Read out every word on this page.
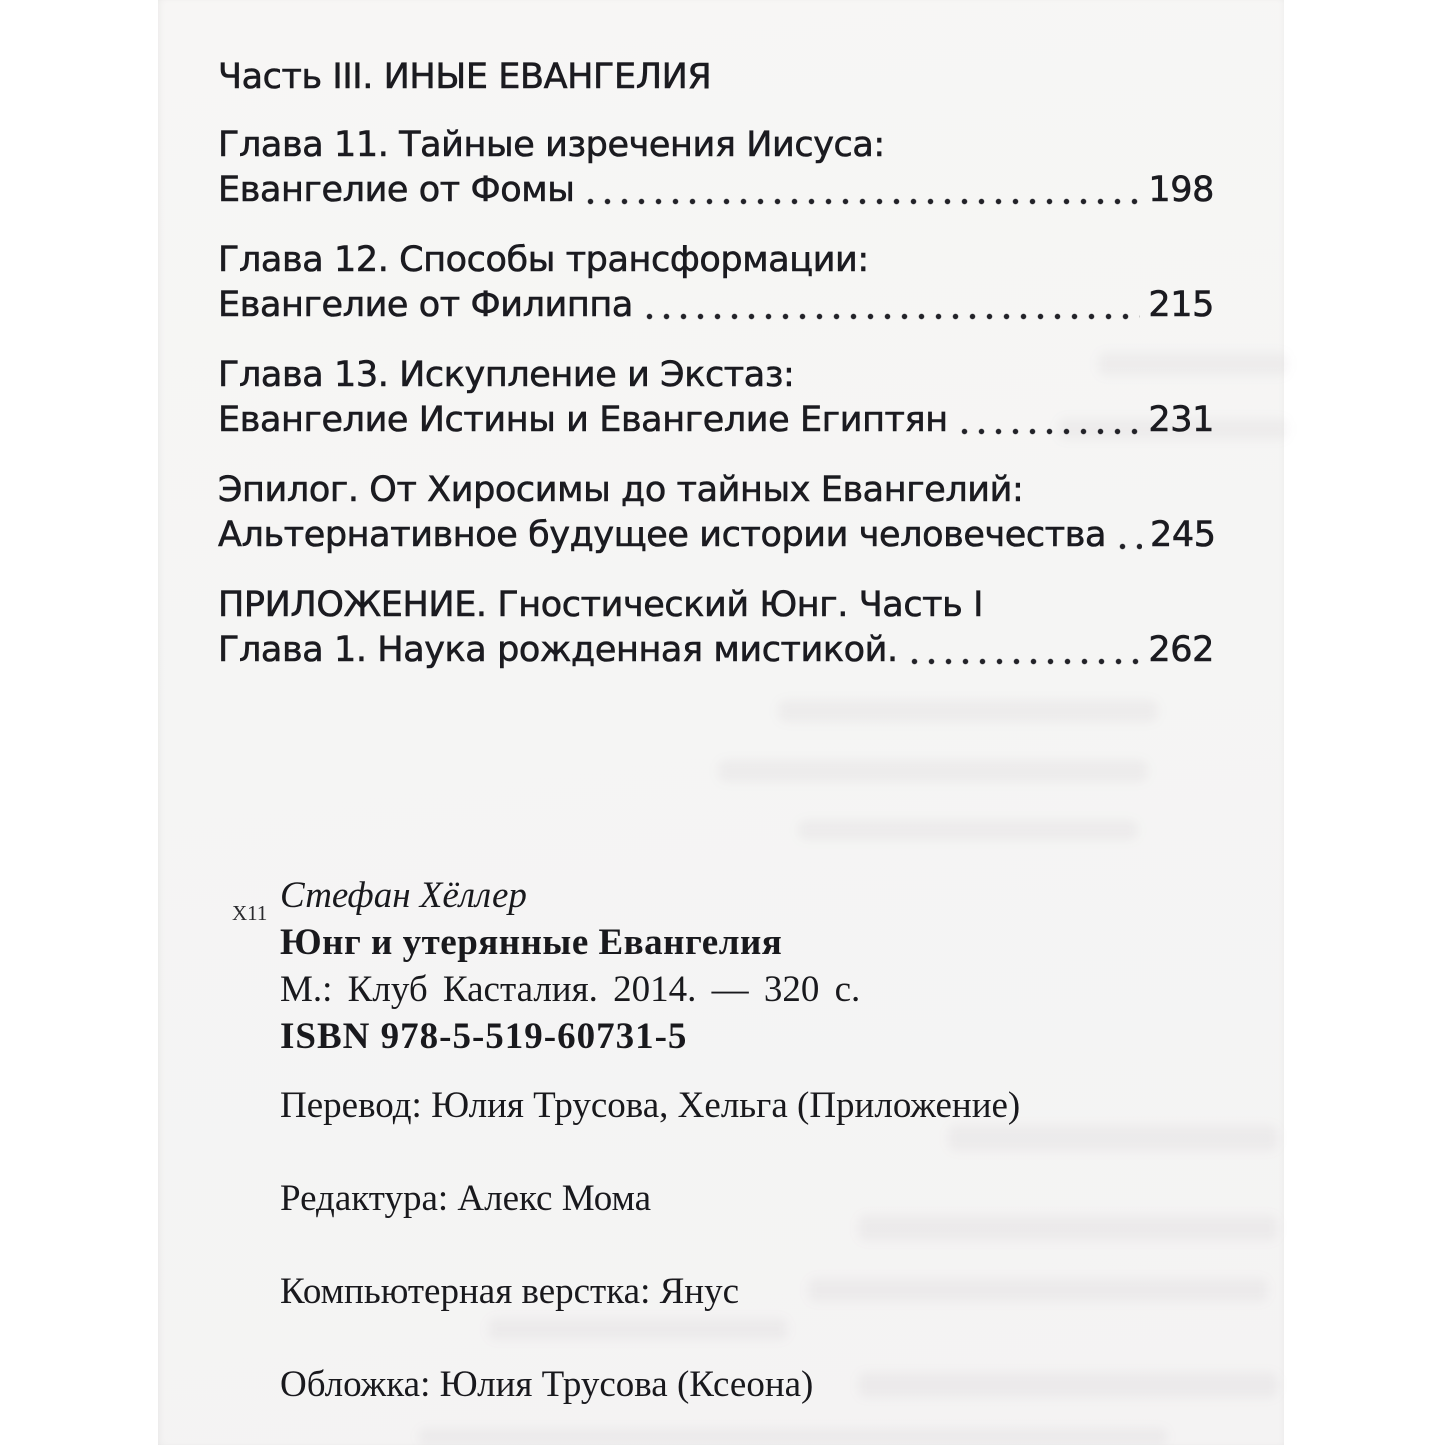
Часть III. ИНЫЕ ЕВАНГЕЛИЯ
Глава 11. Тайные изречения Иисуса:
Евангелие от Фомы	198
Глава 12. Способы трансформации:
Евангелие от Филиппа	215
Глава 13. Искупление и Экстаз:
Евангелие Истины и Евангелие Египтян	231
Эпилог. От Хиросимы до тайных Евангелий:
Альтернативное будущее истории человечества 245
ПРИЛОЖЕНИЕ. Гностический Юнг. Часть I
Глава 1. Наука рожденная мистикой.	262
X11 Стефан Хёллер
Юнг и утерянные Евангелия
М.: Клуб Касталия. 2014. — 320 с.
ISBN 978-5-519-60731-5
Перевод: Юлия Трусова, Хельга (Приложение)
Редактура: Алекс Мома
Компьютерная верстка: Янус
Обложка: Юлия Трусова (Ксеона)
